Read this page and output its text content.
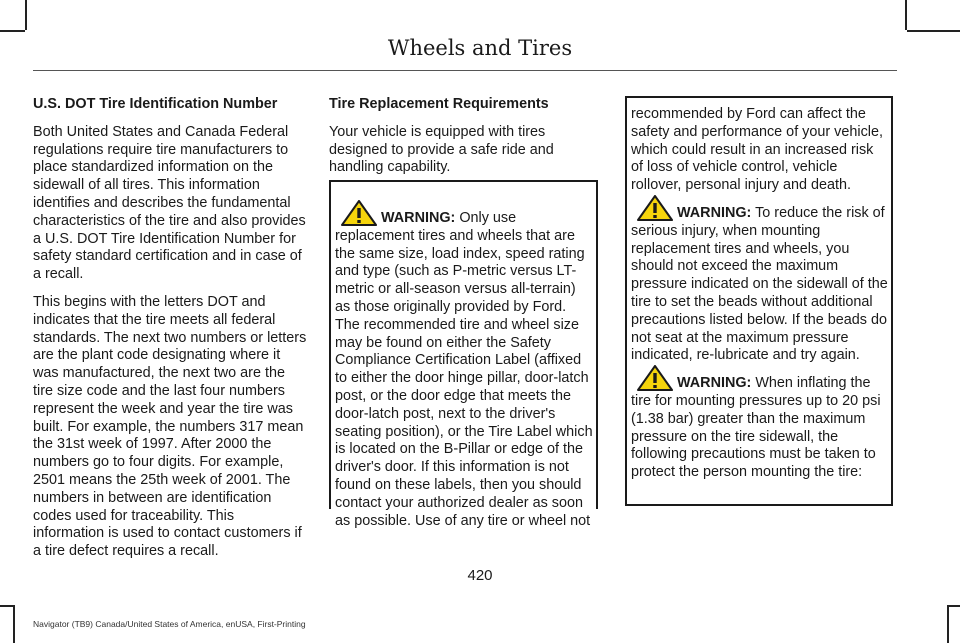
Wheels and Tires
U.S. DOT Tire Identification Number

Both United States and Canada Federal regulations require tire manufacturers to place standardized information on the sidewall of all tires. This information identifies and describes the fundamental characteristics of the tire and also provides a U.S. DOT Tire Identification Number for safety standard certification and in case of a recall.

This begins with the letters DOT and indicates that the tire meets all federal standards. The next two numbers or letters are the plant code designating where it was manufactured, the next two are the tire size code and the last four numbers represent the week and year the tire was built. For example, the numbers 317 mean the 31st week of 1997. After 2000 the numbers go to four digits. For example, 2501 means the 25th week of 2001. The numbers in between are identification codes used for traceability. This information is used to contact customers if a tire defect requires a recall.

Tire Replacement Requirements

Your vehicle is equipped with tires designed to provide a safe ride and handling capability.

WARNING: Only use replacement tires and wheels that are the same size, load index, speed rating and type (such as P-metric versus LT-metric or all-season versus all-terrain) as those originally provided by Ford. The recommended tire and wheel size may be found on either the Safety Compliance Certification Label (affixed to either the door hinge pillar, door-latch post, or the door edge that meets the door-latch post, next to the driver's seating position), or the Tire Label which is located on the B-Pillar or edge of the driver's door. If this information is not found on these labels, then you should contact your authorized dealer as soon as possible. Use of any tire or wheel not

recommended by Ford can affect the safety and performance of your vehicle, which could result in an increased risk of loss of vehicle control, vehicle rollover, personal injury and death.

WARNING: To reduce the risk of serious injury, when mounting replacement tires and wheels, you should not exceed the maximum pressure indicated on the sidewall of the tire to set the beads without additional precautions listed below. If the beads do not seat at the maximum pressure indicated, re-lubricate and try again.

WARNING: When inflating the tire for mounting pressures up to 20 psi (1.38 bar) greater than the maximum pressure on the tire sidewall, the following precautions must be taken to protect the person mounting the tire:

420
Navigator (TB9) Canada/United States of America, enUSA, First-Printing
